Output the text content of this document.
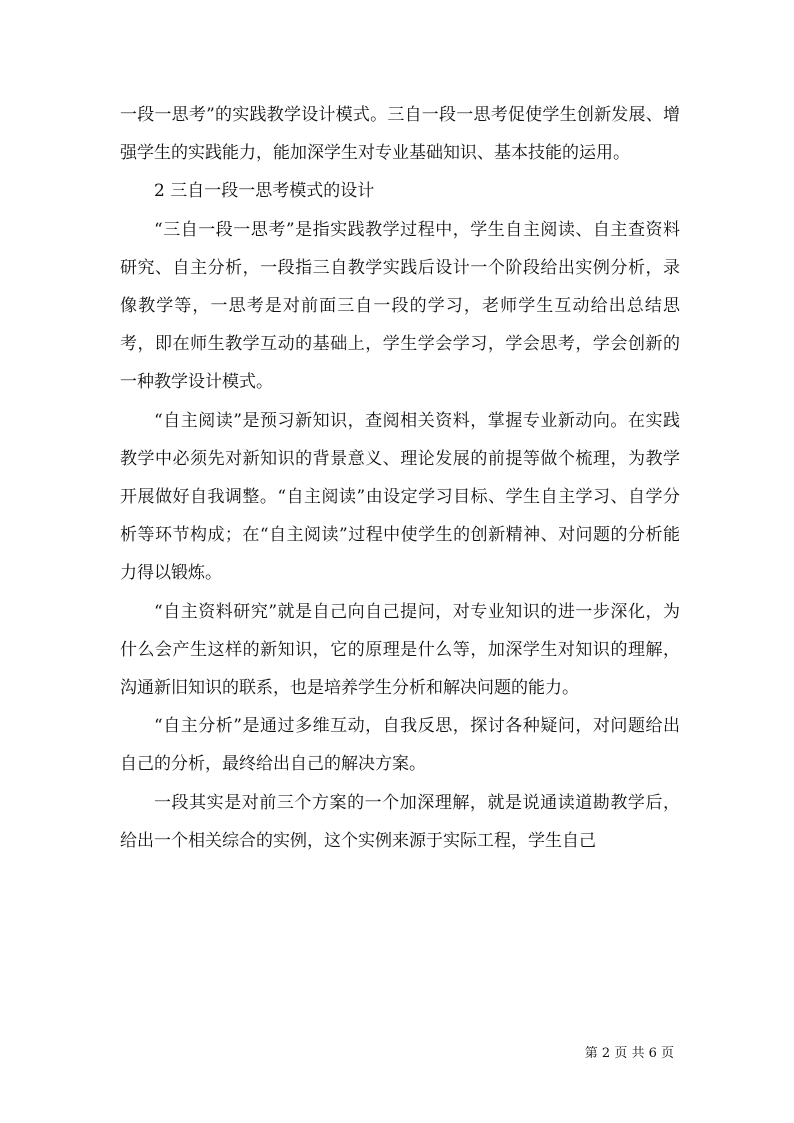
一段一思考”的实践教学设计模式。三自一段一思考促使学生创新发展、增强学生的实践能力，能加深学生对专业基础知识、基本技能的运用。

2 三自一段一思考模式的设计

“三自一段一思考”是指实践教学过程中，学生自主阅读、自主查资料研究、自主分析，一段指三自教学实践后设计一个阶段给出实例分析，录像教学等，一思考是对前面三自一段的学习，老师学生互动给出总结思考，即在师生教学互动的基础上，学生学会学习，学会思考，学会创新的一种教学设计模式。

“自主阅读”是预习新知识，查阅相关资料，掌握专业新动向。在实践教学中必须先对新知识的背景意义、理论发展的前提等做个梳理，为教学开展做好自我调整。“自主阅读”由设定学习目标、学生自主学习、自学分析等环节构成；在“自主阅读”过程中使学生的创新精神、对问题的分析能力得以锻炼。

“自主资料研究”就是自己向自己提问，对专业知识的进一步深化，为什么会产生这样的新知识，它的原理是什么等，加深学生对知识的理解，沟通新旧知识的联系，也是培养学生分析和解决问题的能力。

“自主分析”是通过多维互动，自我反思，探讨各种疑问，对问题给出自己的分析，最终给出自己的解决方案。

一段其实是对前三个方案的一个加深理解，就是说通读道勘教学后，给出一个相关综合的实例，这个实例来源于实际工程，学生自己

第 2 页 共 6 页
